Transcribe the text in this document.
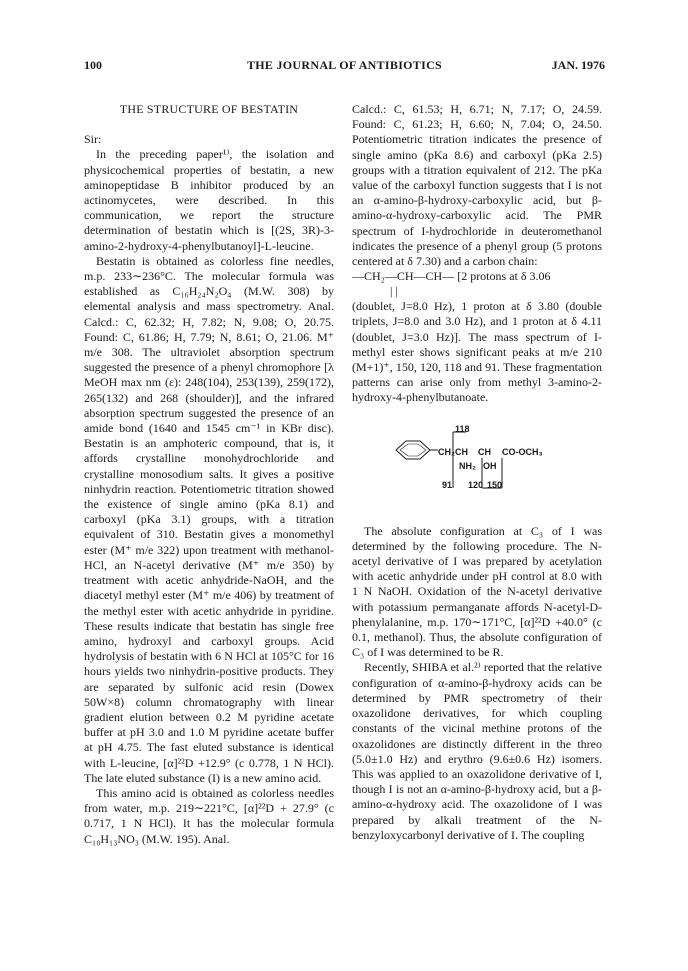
100	THE JOURNAL OF ANTIBIOTICS	JAN. 1976
THE STRUCTURE OF BESTATIN

Sir:

In the preceding paper¹⁾, the isolation and physicochemical properties of bestatin, a new aminopeptidase B inhibitor produced by an actinomycetes, were described. In this communication, we report the structure determination of bestatin which is [(2S, 3R)-3-amino-2-hydroxy-4-phenylbutanoyl]-L-leucine.

Bestatin is obtained as colorless fine needles, m.p. 233∼236°C. The molecular formula was established as C₁₆H₂₄N₂O₄ (M.W. 308) by elemental analysis and mass spectrometry. Anal. Calcd.: C, 62.32; H, 7.82; N, 9.08; O, 20.75. Found: C, 61.86; H, 7.79; N, 8.61; O, 21.06. M⁺ m/e 308. The ultraviolet absorption spectrum suggested the presence of a phenyl chromophore [λ MeOH max nm (ε): 248(104), 253(139), 259(172), 265(132) and 268 (shoulder)], and the infrared absorption spectrum suggested the presence of an amide bond (1640 and 1545 cm⁻¹ in KBr disc). Bestatin is an amphoteric compound, that is, it affords crystalline monohydrochloride and crystalline monosodium salts. It gives a positive ninhydrin reaction. Potentiometric titration showed the existence of single amino (pKa 8.1) and carboxyl (pKa 3.1) groups, with a titration equivalent of 310. Bestatin gives a monomethyl ester (M⁺ m/e 322) upon treatment with methanol-HCl, an N-acetyl derivative (M⁺ m/e 350) by treatment with acetic anhydride-NaOH, and the diacetyl methyl ester (M⁺ m/e 406) by treatment of the methyl ester with acetic anhydride in pyridine. These results indicate that bestatin has single free amino, hydroxyl and carboxyl groups. Acid hydrolysis of bestatin with 6 N HCl at 105°C for 16 hours yields two ninhydrin-positive products. They are separated by sulfonic acid resin (Dowex 50W×8) column chromatography with linear gradient elution between 0.2 M pyridine acetate buffer at pH 3.0 and 1.0 M pyridine acetate buffer at pH 4.75. The fast eluted substance is identical with L-leucine, [α]²²D +12.9° (c 0.778, 1 N HCl). The late eluted substance (I) is a new amino acid.

This amino acid is obtained as colorless needles from water, m.p. 219∼221°C, [α]²²D + 27.9° (c 0.717, 1 N HCl). It has the molecular formula C₁₀H₁₃NO₃ (M.W. 195). Anal.

Calcd.: C, 61.53; H, 6.71; N, 7.17; O, 24.59. Found: C, 61.23; H, 6.60; N, 7.04; O, 24.50. Potentiometric titration indicates the presence of single amino (pKa 8.6) and carboxyl (pKa 2.5) groups with a titration equivalent of 212. The pKa value of the carboxyl function suggests that I is not an α-amino-β-hydroxy-carboxylic acid, but β-amino-α-hydroxy-carboxylic acid. The PMR spectrum of I-hydrochloride in deuteromethanol indicates the presence of a phenyl group (5 protons centered at δ 7.30) and a carbon chain:

—CH₂—CH—CH— [2 protons at δ 3.06
| |

(doublet, J=8.0 Hz), 1 proton at δ 3.80 (double triplets, J=8.0 and 3.0 Hz), and 1 proton at δ 4.11 (doublet, J=3.0 Hz)]. The mass spectrum of I-methyl ester shows significant peaks at m/e 210 (M+1)⁺, 150, 120, 118 and 91. These fragmentation patterns can arise only from methyl 3-amino-2-hydroxy-4-phenylbutanoate.

118
CH₂ CH CH CO-OCH₃
NH₂ OH
91 120 150

The absolute configuration at C₃ of I was determined by the following procedure. The N-acetyl derivative of I was prepared by acetylation with acetic anhydride under pH control at 8.0 with 1 N NaOH. Oxidation of the N-acetyl derivative with potassium permanganate affords N-acetyl-D-phenylalanine, m.p. 170∼171°C, [α]²²D +40.0° (c 0.1, methanol). Thus, the absolute configuration of C₃ of I was determined to be R.

Recently, SHIBA et al.²⁾ reported that the relative configuration of α-amino-β-hydroxy acids can be determined by PMR spectrometry of their oxazolidone derivatives, for which coupling constants of the vicinal methine protons of the oxazolidones are distinctly different in the threo (5.0±1.0 Hz) and erythro (9.6±0.6 Hz) isomers. This was applied to an oxazolidone derivative of I, though I is not an α-amino-β-hydroxy acid, but a β-amino-α-hydroxy acid. The oxazolidone of I was prepared by alkali treatment of the N-benzyloxycarbonyl derivative of I. The coupling
